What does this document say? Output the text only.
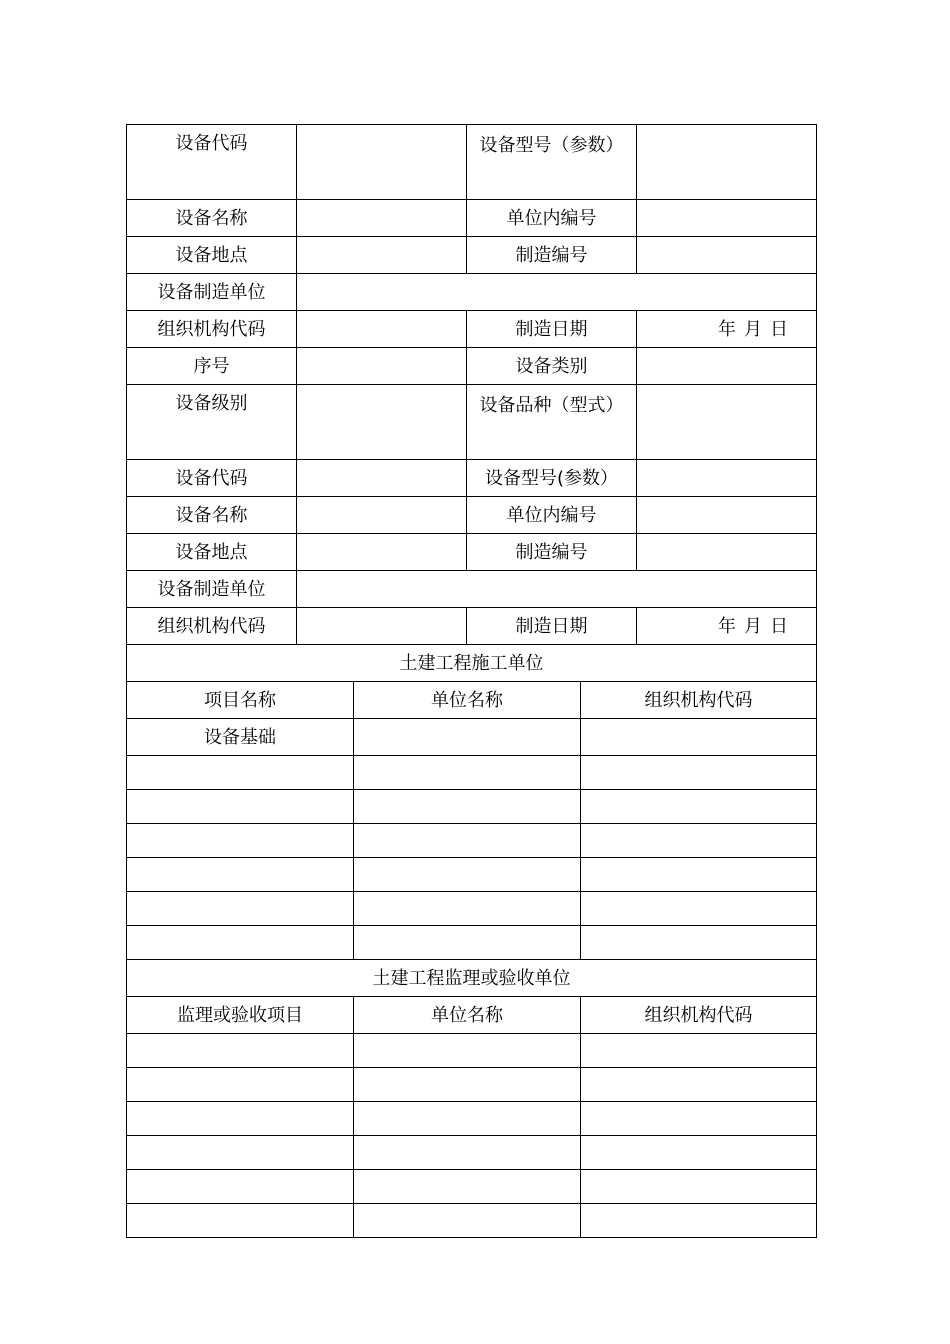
设备代码		设备型号（参数）	

设备名称		单位内编号	
设备地点		制造编号	
设备制造单位			
组织机构代码		制造日期	年 月 日
序号		设备类别	
设备级别		设备品种（型式）	

设备代码		设备型号(参数）	
设备名称		单位内编号	
设备地点		制造编号	
设备制造单位			
组织机构代码		制造日期	年 月 日
土建工程施工单位		
项目名称	单位名称	组织机构代码
设备基础		

土建工程监理或验收单位		
监理或验收项目	单位名称	组织机构代码
